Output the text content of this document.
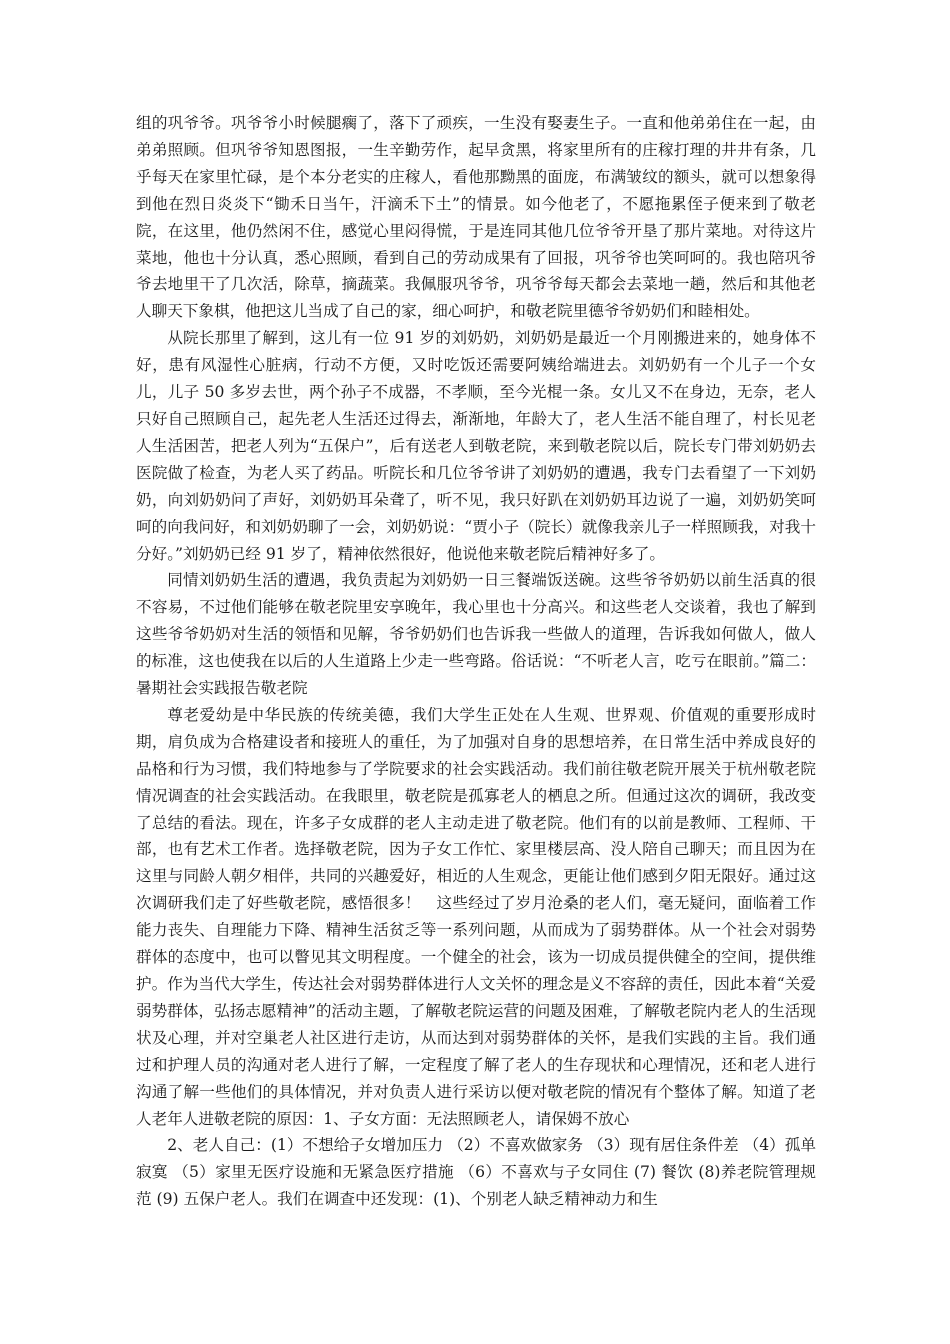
组的巩爷爷。巩爷爷小时候腿瘸了，落下了顽疾，一生没有娶妻生子。一直和他弟弟住在一起，由弟弟照顾。但巩爷爷知恩图报，一生辛勤劳作，起早贪黑，将家里所有的庄稼打理的井井有条，几乎每天在家里忙碌，是个本分老实的庄稼人，看他那黝黑的面庞，布满皱纹的额头，就可以想象得到他在烈日炎炎下“锄禾日当午，汗滴禾下土”的情景。如今他老了，不愿拖累侄子便来到了敬老院，在这里，他仍然闲不住，感觉心里闷得慌，于是连同其他几位爷爷开垦了那片菜地。对待这片菜地，他也十分认真，悉心照顾，看到自己的劳动成果有了回报，巩爷爷也笑呵呵的。我也陪巩爷爷去地里干了几次活，除草，摘蔬菜。我佩服巩爷爷，巩爷爷每天都会去菜地一趟，然后和其他老人聊天下象棋，他把这儿当成了自己的家，细心呵护，和敬老院里德爷爷奶奶们和睦相处。

从院长那里了解到，这儿有一位 91 岁的刘奶奶，刘奶奶是最近一个月刚搬进来的，她身体不好，患有风湿性心脏病，行动不方便，又时吃饭还需要阿姨给端进去。刘奶奶有一个儿子一个女儿，儿子 50 多岁去世，两个孙子不成器，不孝顺，至今光棍一条。女儿又不在身边，无奈，老人只好自己照顾自己，起先老人生活还过得去，渐渐地，年龄大了，老人生活不能自理了，村长见老人生活困苦，把老人列为“五保户”，后有送老人到敬老院，来到敬老院以后，院长专门带刘奶奶去医院做了检查，为老人买了药品。听院长和几位爷爷讲了刘奶奶的遭遇，我专门去看望了一下刘奶奶，向刘奶奶问了声好，刘奶奶耳朵聋了，听不见，我只好趴在刘奶奶耳边说了一遍，刘奶奶笑呵呵的向我问好，和刘奶奶聊了一会，刘奶奶说：“贾小子（院长）就像我亲儿子一样照顾我，对我十分好。”刘奶奶已经 91 岁了，精神依然很好，他说他来敬老院后精神好多了。

同情刘奶奶生活的遭遇，我负责起为刘奶奶一日三餐端饭送碗。这些爷爷奶奶以前生活真的很不容易，不过他们能够在敬老院里安享晚年，我心里也十分高兴。和这些老人交谈着，我也了解到这些爷爷奶奶对生活的领悟和见解，爷爷奶奶们也告诉我一些做人的道理，告诉我如何做人，做人的标准，这也使我在以后的人生道路上少走一些弯路。俗话说：“不听老人言，吃亏在眼前。”篇二：暑期社会实践报告敬老院

尊老爱幼是中华民族的传统美德，我们大学生正处在人生观、世界观、价值观的重要形成时期，肩负成为合格建设者和接班人的重任，为了加强对自身的思想培养，在日常生活中养成良好的品格和行为习惯，我们特地参与了学院要求的社会实践活动。我们前往敬老院开展关于杭州敬老院情况调查的社会实践活动。在我眼里，敬老院是孤寡老人的栖息之所。但通过这次的调研，我改变了总结的看法。现在，许多子女成群的老人主动走进了敬老院。他们有的以前是教师、工程师、干部，也有艺术工作者。选择敬老院，因为子女工作忙、家里楼层高、没人陪自己聊天；而且因为在这里与同龄人朝夕相伴，共同的兴趣爱好，相近的人生观念，更能让他们感到夕阳无限好。通过这次调研我们走了好些敬老院，感悟很多！　这些经过了岁月沧桑的老人们，毫无疑问，面临着工作能力丧失、自理能力下降、精神生活贫乏等一系列问题，从而成为了弱势群体。从一个社会对弱势群体的态度中，也可以瞥见其文明程度。一个健全的社会，该为一切成员提供健全的空间，提供维护。作为当代大学生，传达社会对弱势群体进行人文关怀的理念是义不容辞的责任，因此本着“关爱弱势群体，弘扬志愿精神”的活动主题，了解敬老院运营的问题及困难，了解敬老院内老人的生活现状及心理，并对空巢老人社区进行走访，从而达到对弱势群体的关怀，是我们实践的主旨。我们通过和护理人员的沟通对老人进行了解，一定程度了解了老人的生存现状和心理情况，还和老人进行沟通了解一些他们的具体情况，并对负责人进行采访以便对敬老院的情况有个整体了解。知道了老人老年人进敬老院的原因：1、子女方面：无法照顾老人，请保姆不放心

2、老人自己：(1）不想给子女增加压力 （2）不喜欢做家务 （3）现有居住条件差 （4）孤单寂寞 （5）家里无医疗设施和无紧急医疗措施 （6）不喜欢与子女同住 (7) 餐饮 (8)养老院管理规范 (9) 五保户老人。我们在调查中还发现：(1)、个别老人缺乏精神动力和生
